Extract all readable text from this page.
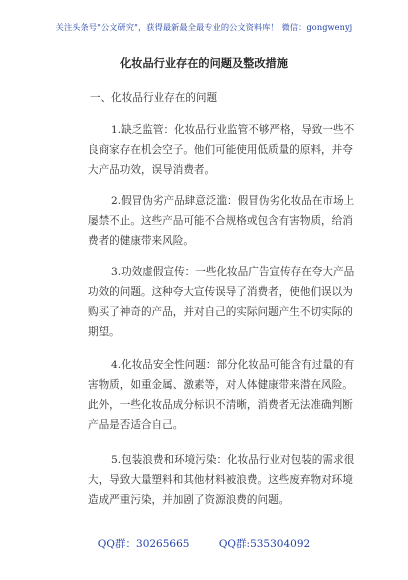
关注头条号"公文研究"，获得最新最全最专业的公文资料库！ 微信：gongwenyj
化妆品行业存在的问题及整改措施
一、化妆品行业存在的问题

1.缺乏监管：化妆品行业监管不够严格，导致一些不
良商家存在机会空子。他们可能使用低质量的原料，并夸
大产品功效，误导消费者。

2.假冒伪劣产品肆意泛滥：假冒伪劣化妆品在市场上
屡禁不止。这些产品可能不合规格或包含有害物质，给消
费者的健康带来风险。

3.功效虚假宣传：一些化妆品广告宣传存在夸大产品
功效的问题。这种夸大宣传误导了消费者，使他们误以为
购买了神奇的产品，并对自己的实际问题产生不切实际的
期望。

4.化妆品安全性问题：部分化妆品可能含有过量的有
害物质，如重金属、激素等，对人体健康带来潜在风险。
此外，一些化妆品成分标识不清晰，消费者无法准确判断
产品是否适合自己。

5.包装浪费和环境污染：化妆品行业对包装的需求很
大，导致大量塑料和其他材料被浪费。这些废弃物对环境
造成严重污染，并加剧了资源浪费的问题。

QQ群：30265665	QQ群:535304092
